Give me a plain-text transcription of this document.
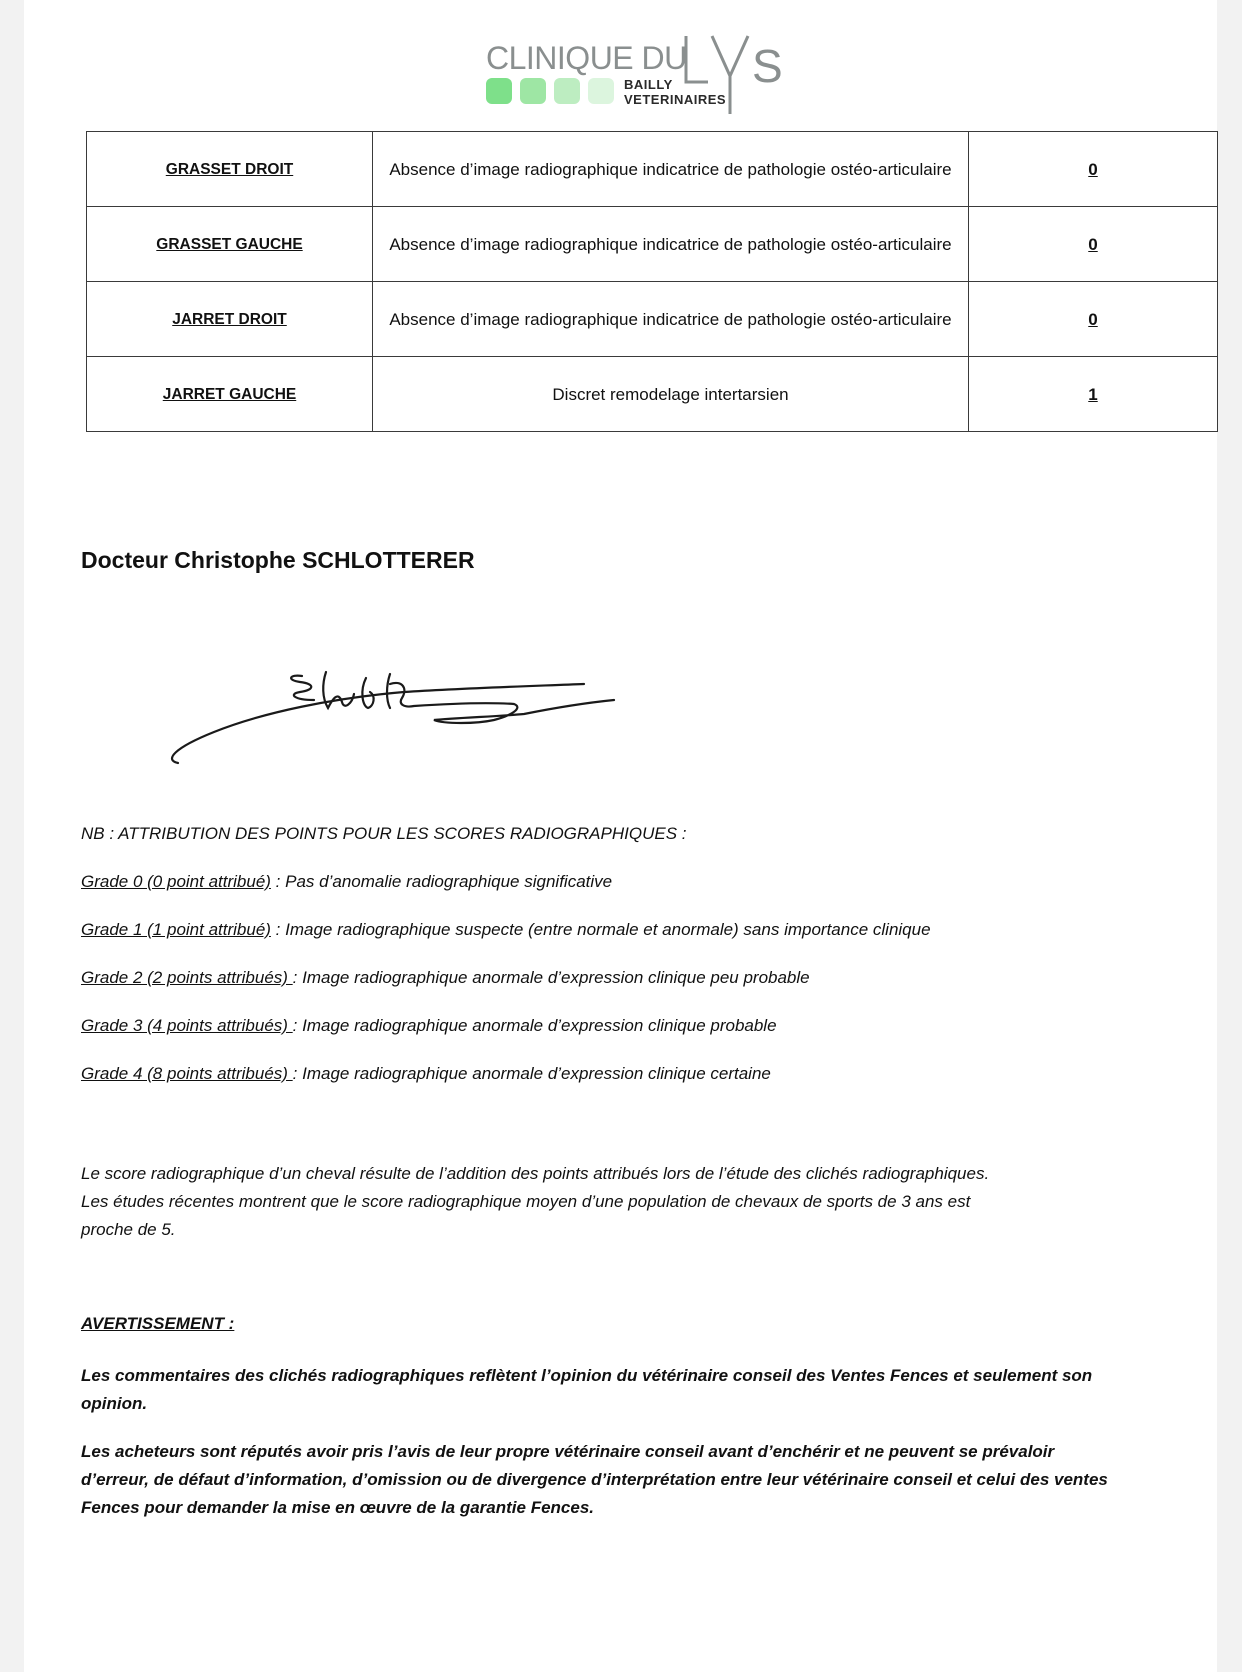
CLINIQUE DU
BAILLY
VETERINAIRES
S
GRASSET DROIT	Absence d’image radiographique indicatrice de pathologie ostéo-articulaire	0
GRASSET GAUCHE	Absence d’image radiographique indicatrice de pathologie ostéo-articulaire	0
JARRET DROIT	Absence d’image radiographique indicatrice de pathologie ostéo-articulaire	0
JARRET GAUCHE	Discret remodelage intertarsien	1
Docteur Christophe SCHLOTTERER
NB : ATTRIBUTION DES POINTS POUR LES SCORES RADIOGRAPHIQUES :
Grade 0 (0 point attribué) : Pas d’anomalie radiographique significative
Grade 1 (1 point attribué) : Image radiographique suspecte (entre normale et anormale) sans importance clinique
Grade 2 (2 points attribués) : Image radiographique anormale d’expression clinique peu probable
Grade 3 (4 points attribués) : Image radiographique anormale d’expression clinique probable
Grade 4 (8 points attribués) : Image radiographique anormale d’expression clinique certaine
Le score radiographique d’un cheval résulte de l’addition des points attribués lors de l’étude des clichés radiographiques.
Les études récentes montrent que le score radiographique moyen d’une population de chevaux de sports de 3 ans est
proche de 5.
AVERTISSEMENT :
Les commentaires des clichés radiographiques reflètent l’opinion du vétérinaire conseil des Ventes Fences et seulement son opinion.
Les acheteurs sont réputés avoir pris l’avis de leur propre vétérinaire conseil avant d’enchérir et ne peuvent se prévaloir d’erreur, de défaut d’information, d’omission ou de divergence d’interprétation entre leur vétérinaire conseil et celui des ventes Fences pour demander la mise en œuvre de la garantie Fences.
